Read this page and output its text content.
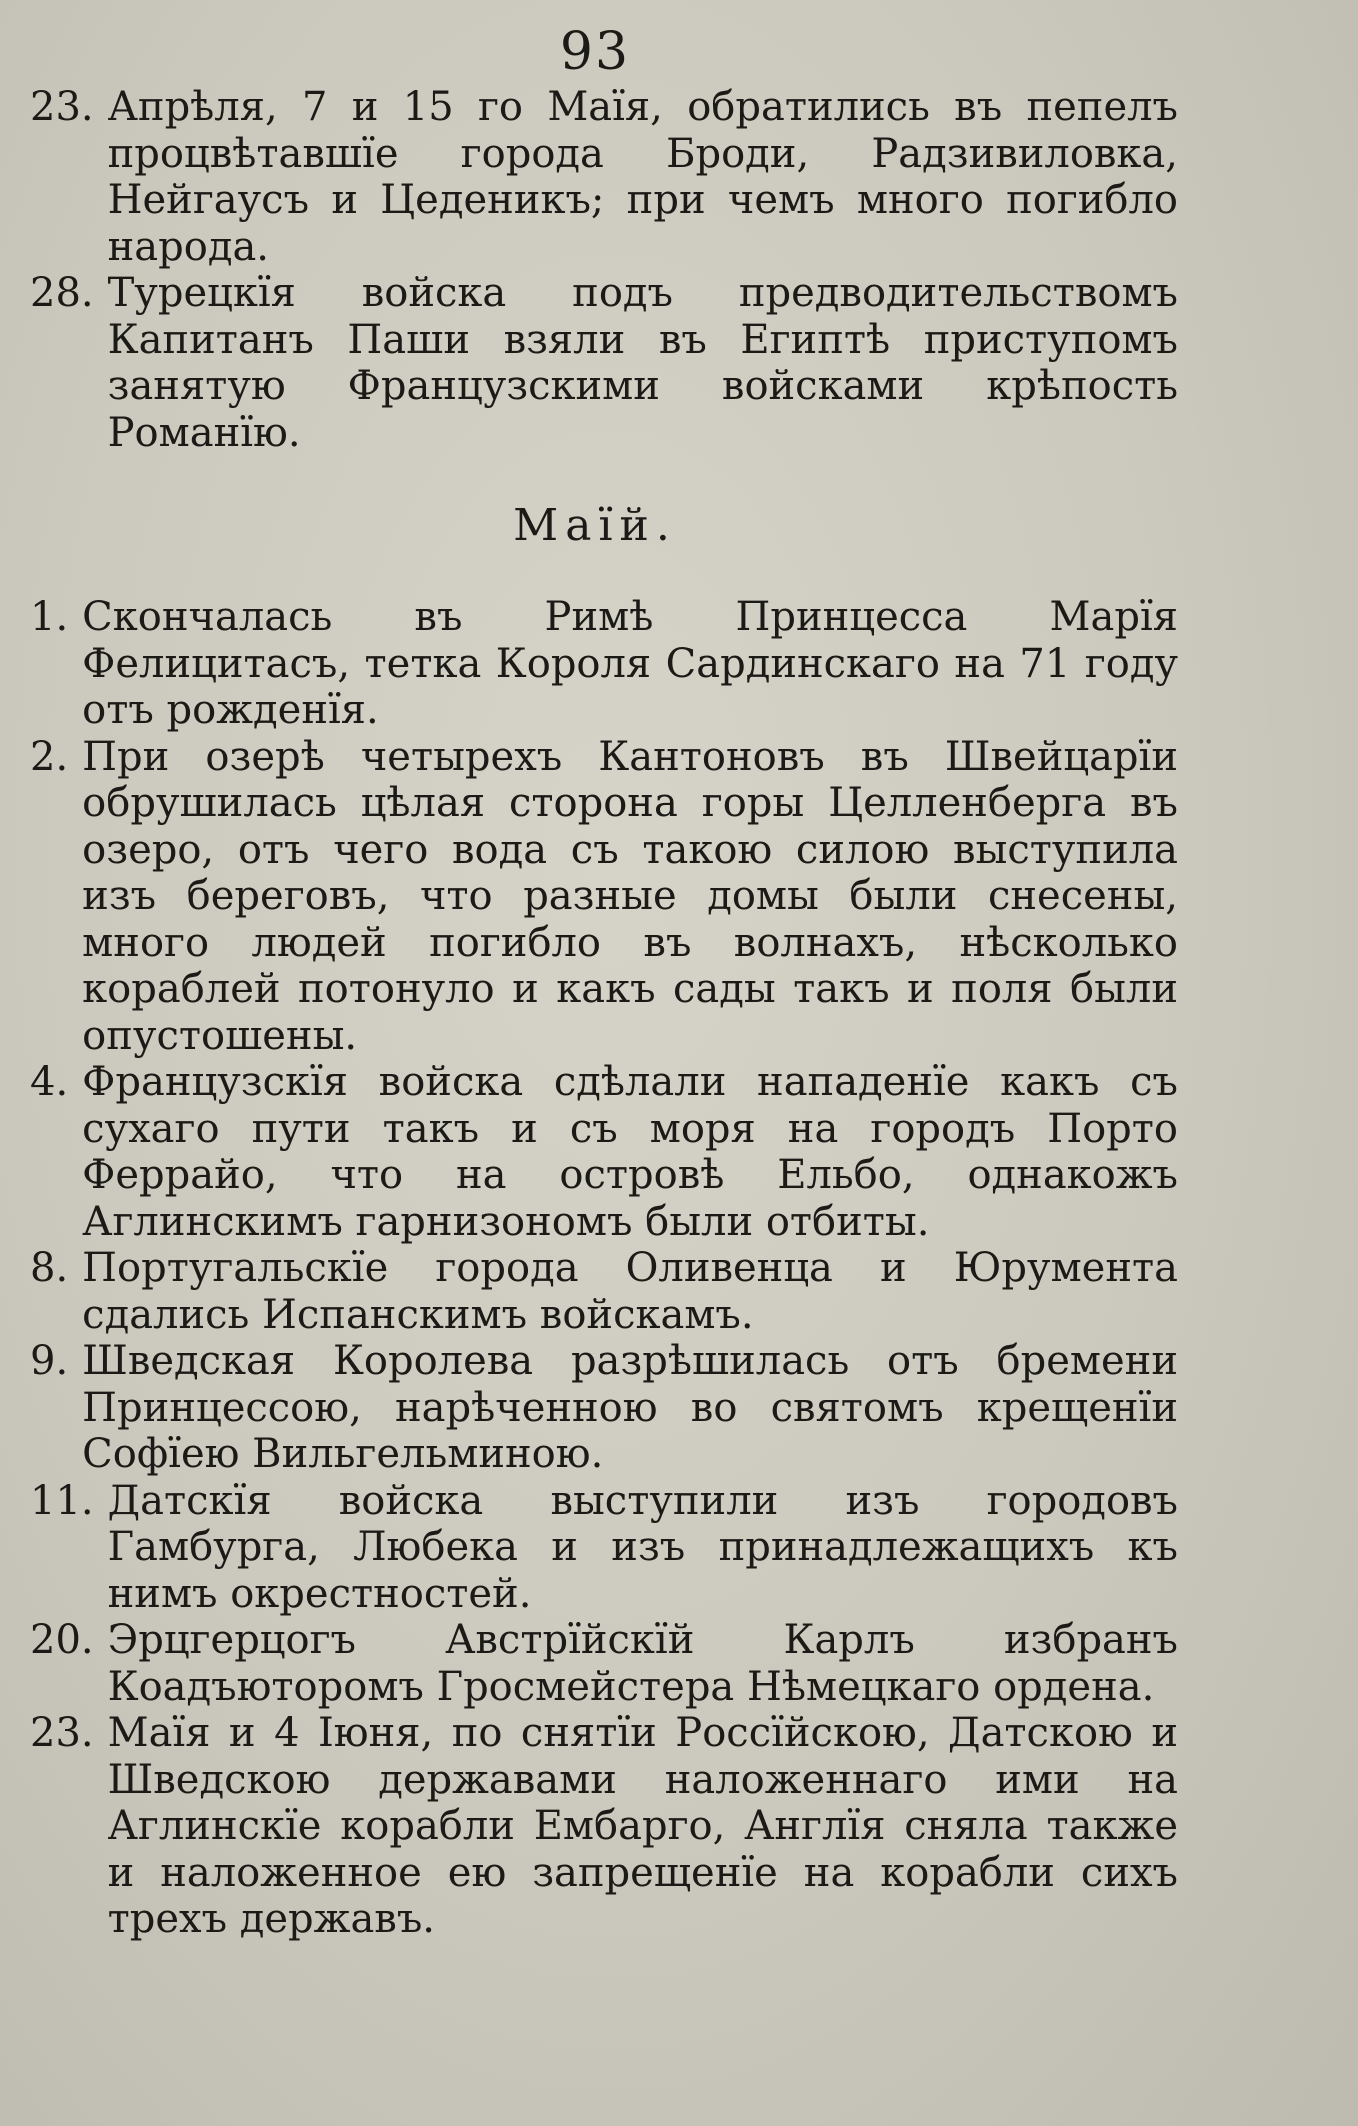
93
23. Апрѣля, 7 и 15 го Маїя, обратились въ пепелъ процвѣтавшїе города Броди, Радзивиловка, Нейгаусъ и Цеденикъ; при чемъ много погибло народа.
28. Турецкїя войска подъ предводительствомъ Капитанъ Паши взяли въ Египтѣ приступомъ занятую Французскими войсками крѣпость Романїю.
Маїй.
1. Скончалась въ Римѣ Принцесса Марїя Фелицитасъ, тетка Короля Сардинскаго на 71 году отъ рожденїя.
2. При озерѣ четырехъ Кантоновъ въ Швейцарїи обрушилась цѣлая сторона горы Целленберга въ озеро, отъ чего вода съ такою силою выступила изъ береговъ, что разные домы были снесены, много людей погибло въ волнахъ, нѣсколько кораблей потонуло и какъ сады такъ и поля были опустошены.
4. Французскїя войска сдѣлали нападенїе какъ съ сухаго пути такъ и съ моря на городъ Порто Феррайо, что на островѣ Ельбо, однакожъ Аглинскимъ гарнизономъ были отбиты.
8. Португальскїе города Оливенца и Юрумента сдались Испанскимъ войскамъ.
9. Шведская Королева разрѣшилась отъ бремени Принцессою, нарѣченною во святомъ крещенїи Софїею Вильгельминою.
11. Датскїя войска выступили изъ городовъ Гамбурга, Любека и изъ принадлежащихъ къ нимъ окрестностей.
20. Эрцгерцогъ Австрїйскїй Карлъ избранъ Коадъюторомъ Гросмейстера Нѣмецкаго ордена.
23. Маїя и 4 Iюня, по снятїи Россїйскою, Датскою и Шведскою державами наложеннаго ими на Аглинскїе корабли Ембарго, Англїя сняла также и наложенное ею запрещенїе на корабли сихъ трехъ державъ.
